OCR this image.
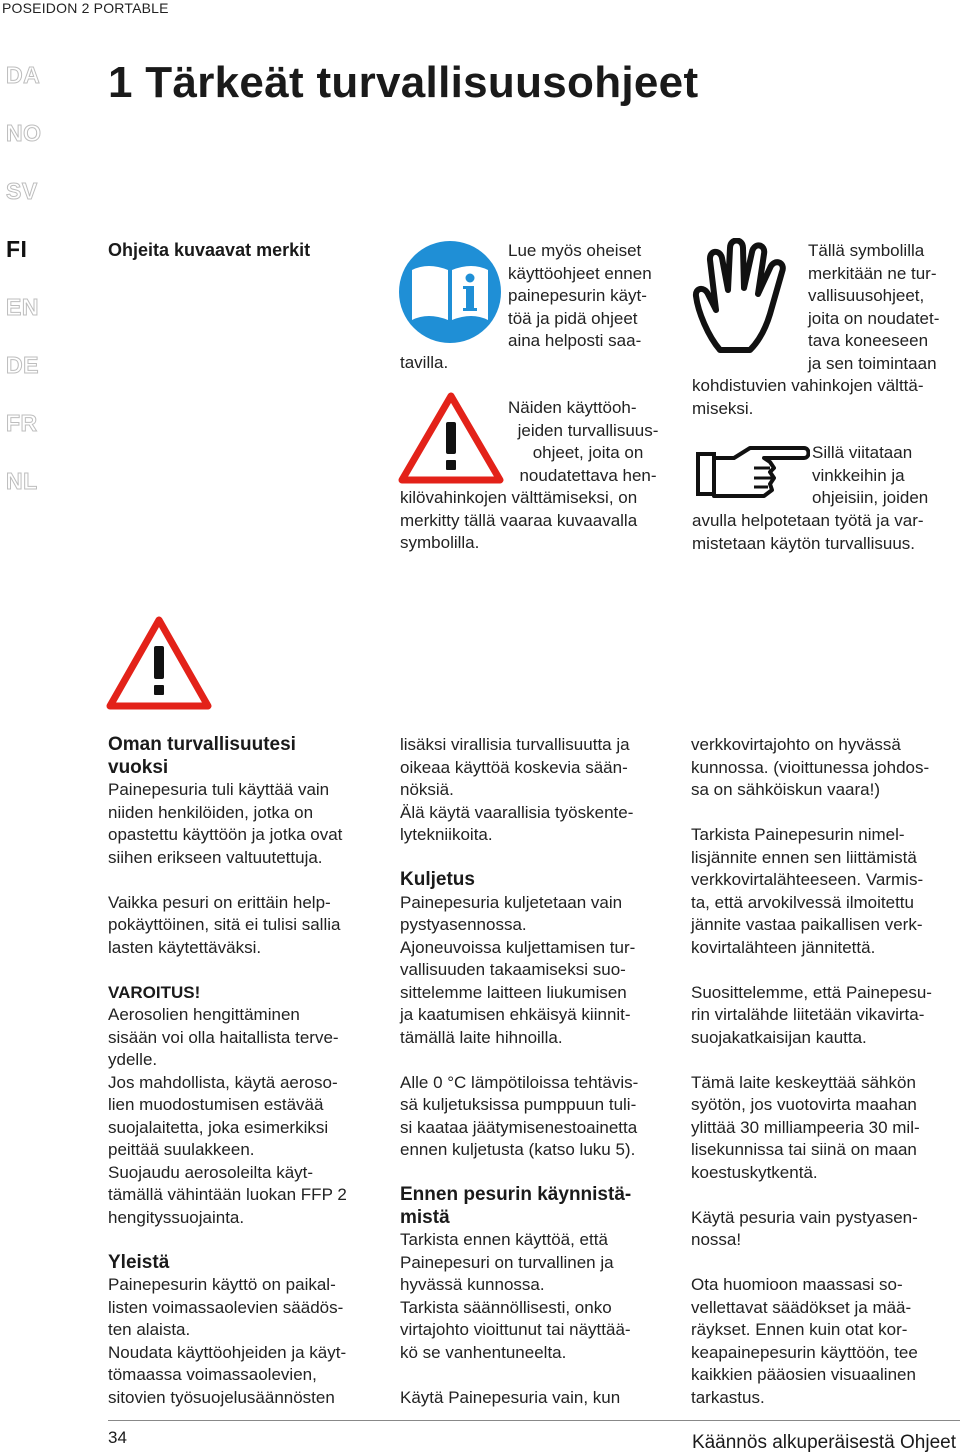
POSEIDON 2 PORTABLE
DA
NO
SV
FI
EN
DE
FR
NL
1 Tärkeät turvallisuusohjeet
Ohjeita kuvaavat merkit	Lue myös oheiset
käyttöohjeet ennen
painepesurin käyt-
töä ja pidä ohjeet
aina helposti saa-
tavilla.
Näiden käyttöoh-
jeiden turvallisuus-
ohjeet, joita on
noudatettava hen-
kilövahinkojen välttämiseksi, on
merkitty tällä vaaraa kuvaavalla
symbolilla.
Tällä symbolilla
merkitään ne tur-
vallisuusohjeet,
joita on noudatet-
tava koneeseen
ja sen toimintaan
kohdistuvien vahinkojen välttä-
miseksi.
Sillä viitataan
vinkkeihin ja
ohjeisiin, joiden
avulla helpotetaan työtä ja var-
mistetaan käytön turvallisuus.
Oman turvallisuutesi
vuoksi
Painepesuria tuli käyttää vain
niiden henkilöiden, jotka on
opastettu käyttöön ja jotka ovat
siihen erikseen valtuutettuja.
Vaikka pesuri on erittäin help-
pokäyttöinen, sitä ei tulisi sallia
lasten käytettäväksi.
VAROITUS!
Aerosolien hengittäminen
sisään voi olla haitallista terve-
ydelle.
Jos mahdollista, käytä aeroso-
lien muodostumisen estävää
suojalaitetta, joka esimerkiksi
peittää suulakkeen.
Suojaudu aerosoleilta käyt-
tämällä vähintään luokan FFP 2
hengityssuojainta.
Yleistä
Painepesurin käyttö on paikal-
listen voimassaolevien säädös-
ten alaista.
Noudata käyttöohjeiden ja käyt-
tömaassa voimassaolevien,
sitovien työsuojelusäännösten
lisäksi virallisia turvallisuutta ja
oikeaa käyttöä koskevia sään-
nöksiä.
Älä käytä vaarallisia työskente-
lytekniikoita.
Kuljetus
Painepesuria kuljetetaan vain
pystyasennossa.
Ajoneuvoissa kuljettamisen tur-
vallisuuden takaamiseksi suo-
sittelemme laitteen liukumisen
ja kaatumisen ehkäisyä kiinnit-
tämällä laite hihnoilla.
Alle 0 °C lämpötiloissa tehtävis-
sä kuljetuksissa pumppuun tuli-
si kaataa jäätymisenestoainetta
ennen kuljetusta (katso luku 5).
Ennen pesurin käynnistä-
mistä
Tarkista ennen käyttöä, että
Painepesuri on turvallinen ja
hyvässä kunnossa.
Tarkista säännöllisesti, onko
virtajohto vioittunut tai näyttää-
kö se vanhentuneelta.
Käytä Painepesuria vain, kun
verkkovirtajohto on hyvässä
kunnossa. (vioittunessa johdos-
sa on sähköiskun vaara!)
Tarkista Painepesurin nimel-
lisjännite ennen sen liittämistä
verkkovirtalähteeseen. Varmis-
ta, että arvokilvessä ilmoitettu
jännite vastaa paikallisen verk-
kovirtalähteen jännitettä.
Suosittelemme, että Painepesu-
rin virtalähde liitetään vikavirta-
suojakatkaisijan kautta.
Tämä laite keskeyttää sähkön
syötön, jos vuotovirta maahan
ylittää 30 milliampeeria 30 mil-
lisekunnissa tai siinä on maan
koestuskytkentä.
Käytä pesuria vain pystyasen-
nossa!
Ota huomioon maassasi so-
vellettavat säädökset ja mää-
räykset. Ennen kuin otat kor-
keapainepesurin käyttöön, tee
kaikkien pääosien visuaalinen
tarkastus.
34	Käännös alkuperäisestä Ohjeet
